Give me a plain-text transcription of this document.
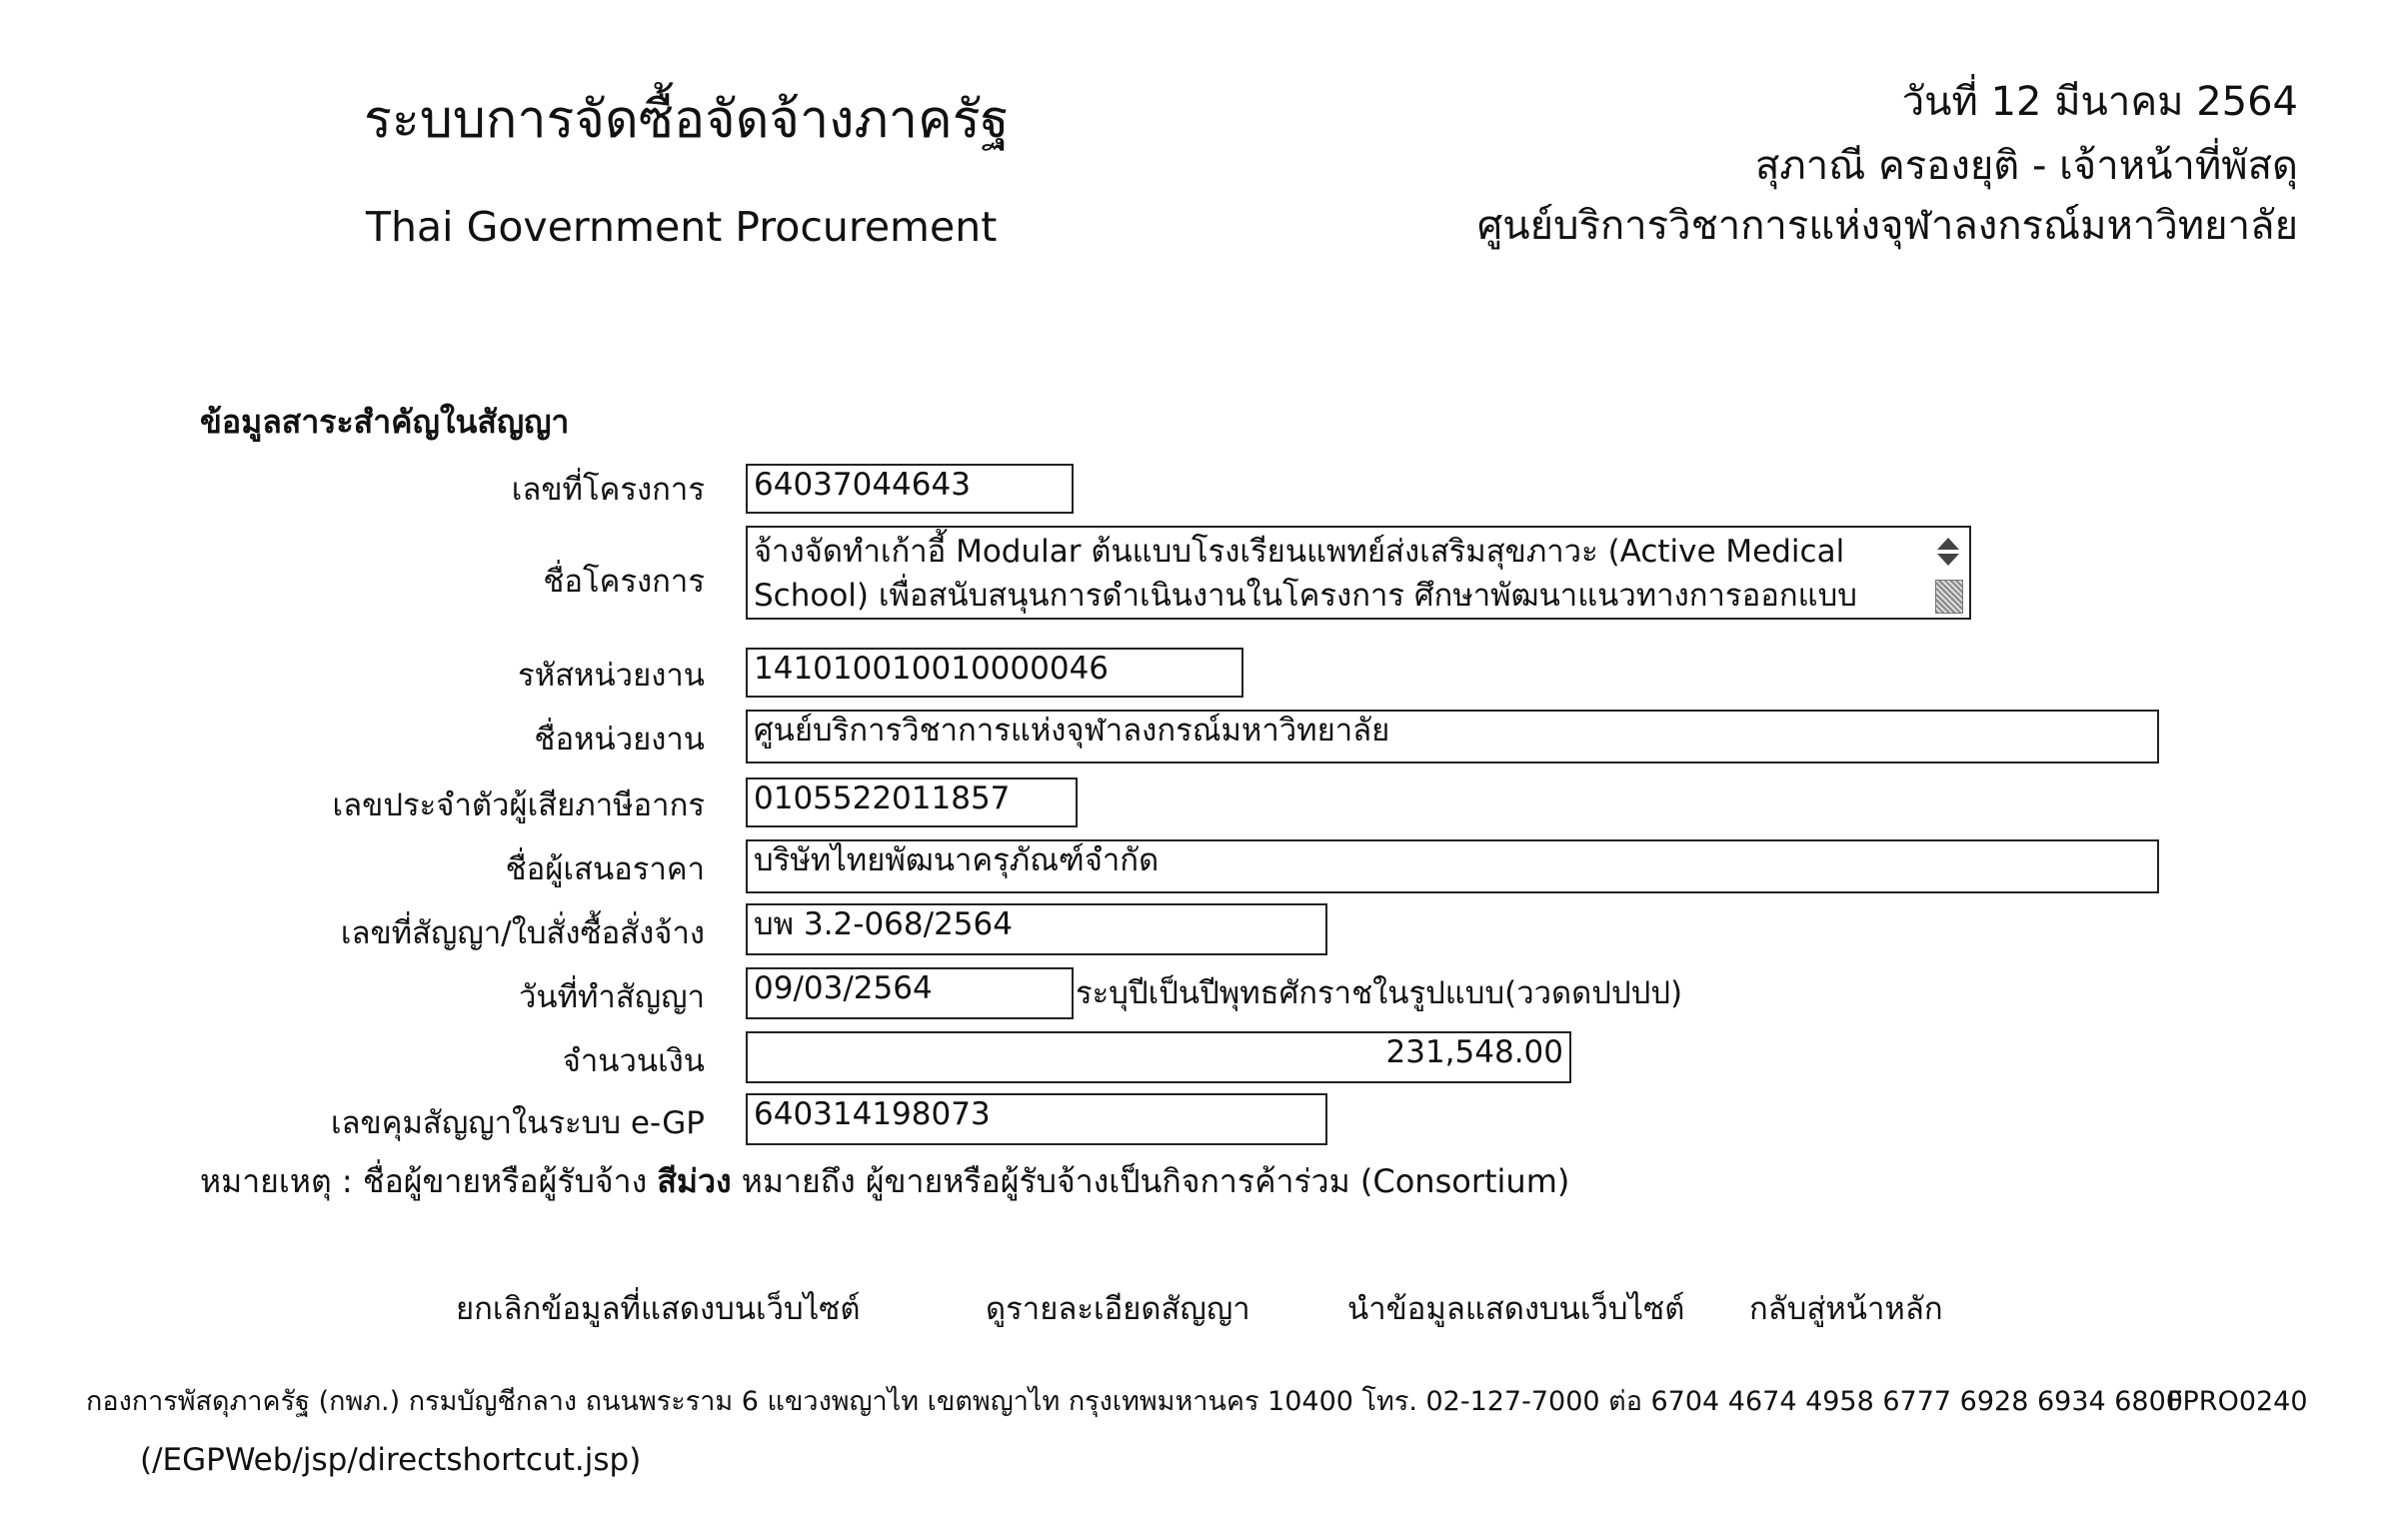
ระบบการจัดซื้อจัดจ้างภาครัฐ
Thai Government Procurement
วันที่ 12 มีนาคม 2564
สุภาณี ครองยุติ - เจ้าหน้าที่พัสดุ
ศูนย์บริการวิชาการแห่งจุฬาลงกรณ์มหาวิทยาลัย
ข้อมูลสาระสำคัญในสัญญา
เลขที่โครงการ 64037044643
ชื่อโครงการ
จ้างจัดทำเก้าอี้ Modular ต้นแบบโรงเรียนแพทย์ส่งเสริมสุขภาวะ (Active Medical School) เพื่อสนับสนุนการดำเนินงานในโครงการ ศึกษาพัฒนาแนวทางการออกแบบ
รหัสหน่วยงาน 141010010010000046
ชื่อหน่วยงาน ศูนย์บริการวิชาการแห่งจุฬาลงกรณ์มหาวิทยาลัย
เลขประจำตัวผู้เสียภาษีอากร 0105522011857
ชื่อผู้เสนอราคา บริษัทไทยพัฒนาครุภัณฑ์จำกัด
เลขที่สัญญา/ใบสั่งซื้อสั่งจ้าง บพ 3.2-068/2564
วันที่ทำสัญญา 09/03/2564	ระบุปีเป็นปีพุทธศักราชในรูปแบบ(ววดดปปปป)
จำนวนเงิน	231,548.00
เลขคุมสัญญาในระบบ e-GP 640314198073
หมายเหตุ : ชื่อผู้ขายหรือผู้รับจ้าง สีม่วง หมายถึง ผู้ขายหรือผู้รับจ้างเป็นกิจการค้าร่วม (Consortium)
ยกเลิกข้อมูลที่แสดงบนเว็บไซต์	ดูรายละเอียดสัญญา	นำข้อมูลแสดงบนเว็บไซต์ กลับสู่หน้าหลัก
กองการพัสดุภาครัฐ (กพภ.) กรมบัญชีกลาง ถนนพระราม 6 แขวงพญาไท เขตพญาไท กรุงเทพมหานคร 10400 โทร. 02-127-7000 ต่อ 6704 4674 4958 6777 6928 6934 6800
FPRO0240
(/EGPWeb/jsp/directshortcut.jsp)
